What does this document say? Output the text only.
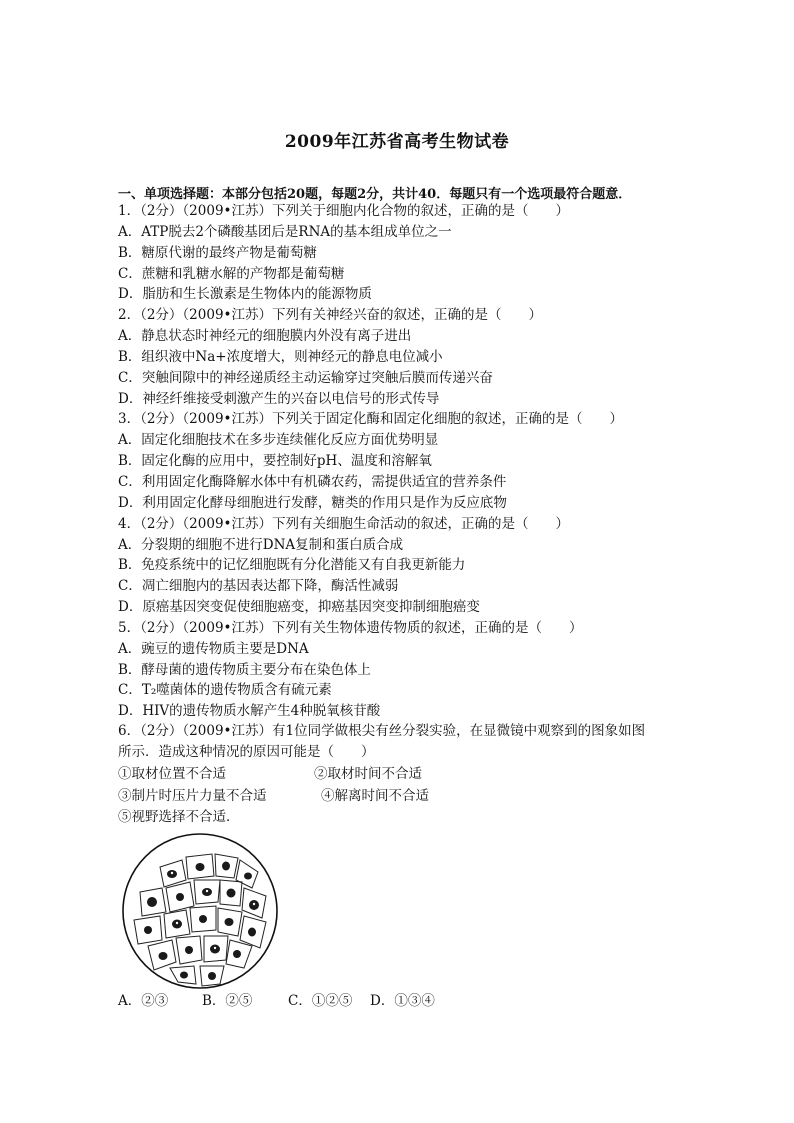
2009年江苏省高考生物试卷
一、单项选择题：本部分包括20题，每题2分，共计40．每题只有一个选项最符合题意．
1．（2分）（2009•江苏）下列关于细胞内化合物的叙述，正确的是（　　）
A．ATP脱去2个磷酸基团后是RNA的基本组成单位之一
B．糖原代谢的最终产物是葡萄糖
C．蔗糖和乳糖水解的产物都是葡萄糖
D．脂肪和生长激素是生物体内的能源物质
2．（2分）（2009•江苏）下列有关神经兴奋的叙述，正确的是（　　）
A．静息状态时神经元的细胞膜内外没有离子进出
B．组织液中Na+浓度增大，则神经元的静息电位减小
C．突触间隙中的神经递质经主动运输穿过突触后膜而传递兴奋
D．神经纤维接受刺激产生的兴奋以电信号的形式传导
3．（2分）（2009•江苏）下列关于固定化酶和固定化细胞的叙述，正确的是（　　）
A．固定化细胞技术在多步连续催化反应方面优势明显
B．固定化酶的应用中，要控制好pH、温度和溶解氧
C．利用固定化酶降解水体中有机磷农药，需提供适宜的营养条件
D．利用固定化酵母细胞进行发酵，糖类的作用只是作为反应底物
4．（2分）（2009•江苏）下列有关细胞生命活动的叙述，正确的是（　　）
A．分裂期的细胞不进行DNA复制和蛋白质合成
B．免疫系统中的记忆细胞既有分化潜能又有自我更新能力
C．凋亡细胞内的基因表达都下降，酶活性减弱
D．原癌基因突变促使细胞癌变，抑癌基因突变抑制细胞癌变
5．（2分）（2009•江苏）下列有关生物体遗传物质的叙述，正确的是（　　）
A．豌豆的遗传物质主要是DNA
B．酵母菌的遗传物质主要分布在染色体上
C．T₂噬菌体的遗传物质含有硫元素
D．HIV的遗传物质水解产生4种脱氧核苷酸
6．（2分）（2009•江苏）有1位同学做根尖有丝分裂实验，在显微镜中观察到的图象如图
所示．造成这种情况的原因可能是（　　）
①取材位置不合适	②取材时间不合适
③制片时压片力量不合适	④解离时间不合适
⑤视野选择不合适．
A．②③	B．②⑤	C．①②⑤ D．①③④
